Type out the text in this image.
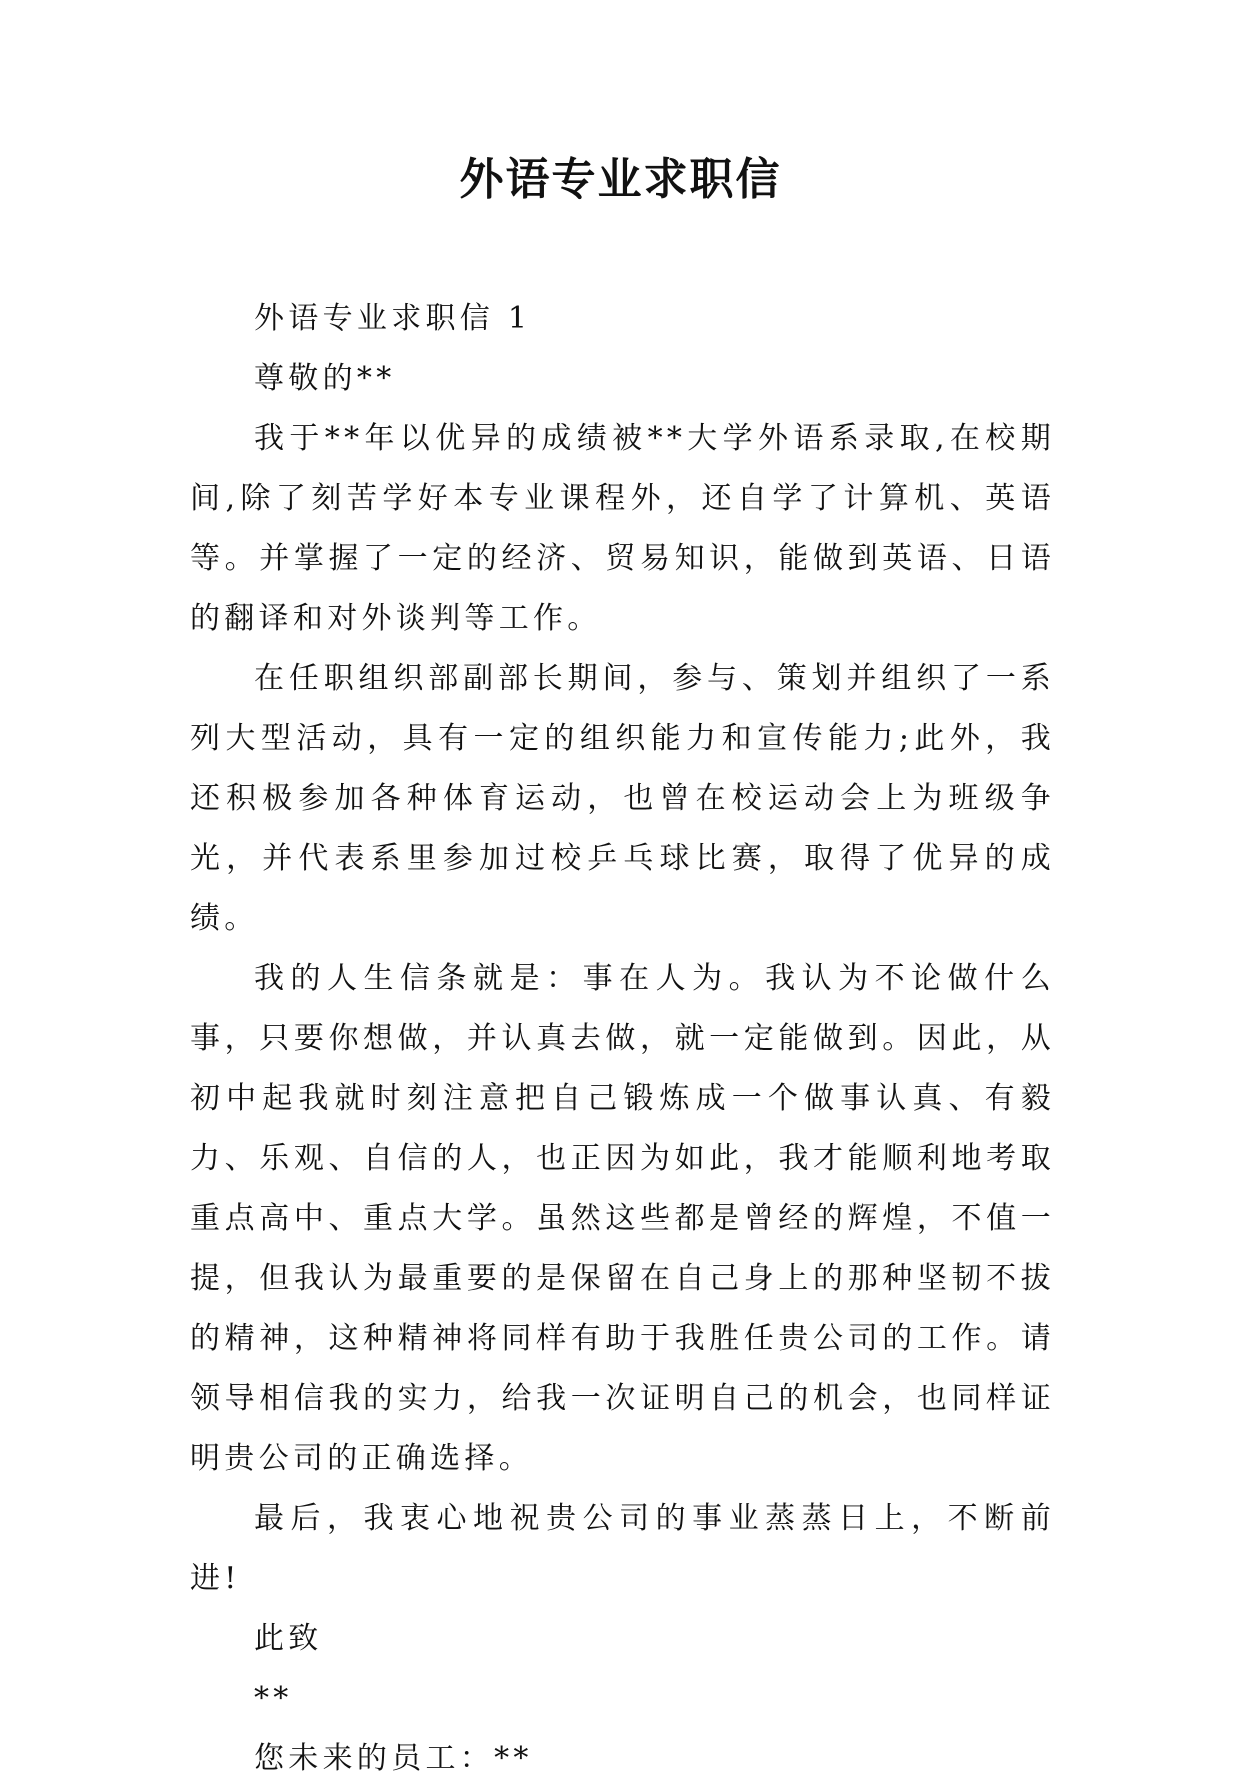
外语专业求职信

外语专业求职信 1

尊敬的**

我于**年以优异的成绩被**大学外语系录取,在校期间,除了刻苦学好本专业课程外，还自学了计算机、英语等。并掌握了一定的经济、贸易知识，能做到英语、日语的翻译和对外谈判等工作。

在任职组织部副部长期间，参与、策划并组织了一系列大型活动，具有一定的组织能力和宣传能力;此外，我还积极参加各种体育运动，也曾在校运动会上为班级争光，并代表系里参加过校乒乓球比赛，取得了优异的成绩。

我的人生信条就是：事在人为。我认为不论做什么事，只要你想做，并认真去做，就一定能做到。因此，从初中起我就时刻注意把自己锻炼成一个做事认真、有毅力、乐观、自信的人，也正因为如此，我才能顺利地考取重点高中、重点大学。虽然这些都是曾经的辉煌，不值一提，但我认为最重要的是保留在自己身上的那种坚韧不拔的精神，这种精神将同样有助于我胜任贵公司的工作。请领导相信我的实力，给我一次证明自己的机会，也同样证明贵公司的正确选择。

最后，我衷心地祝贵公司的事业蒸蒸日上，不断前进!

此致

**

您未来的员工：**
